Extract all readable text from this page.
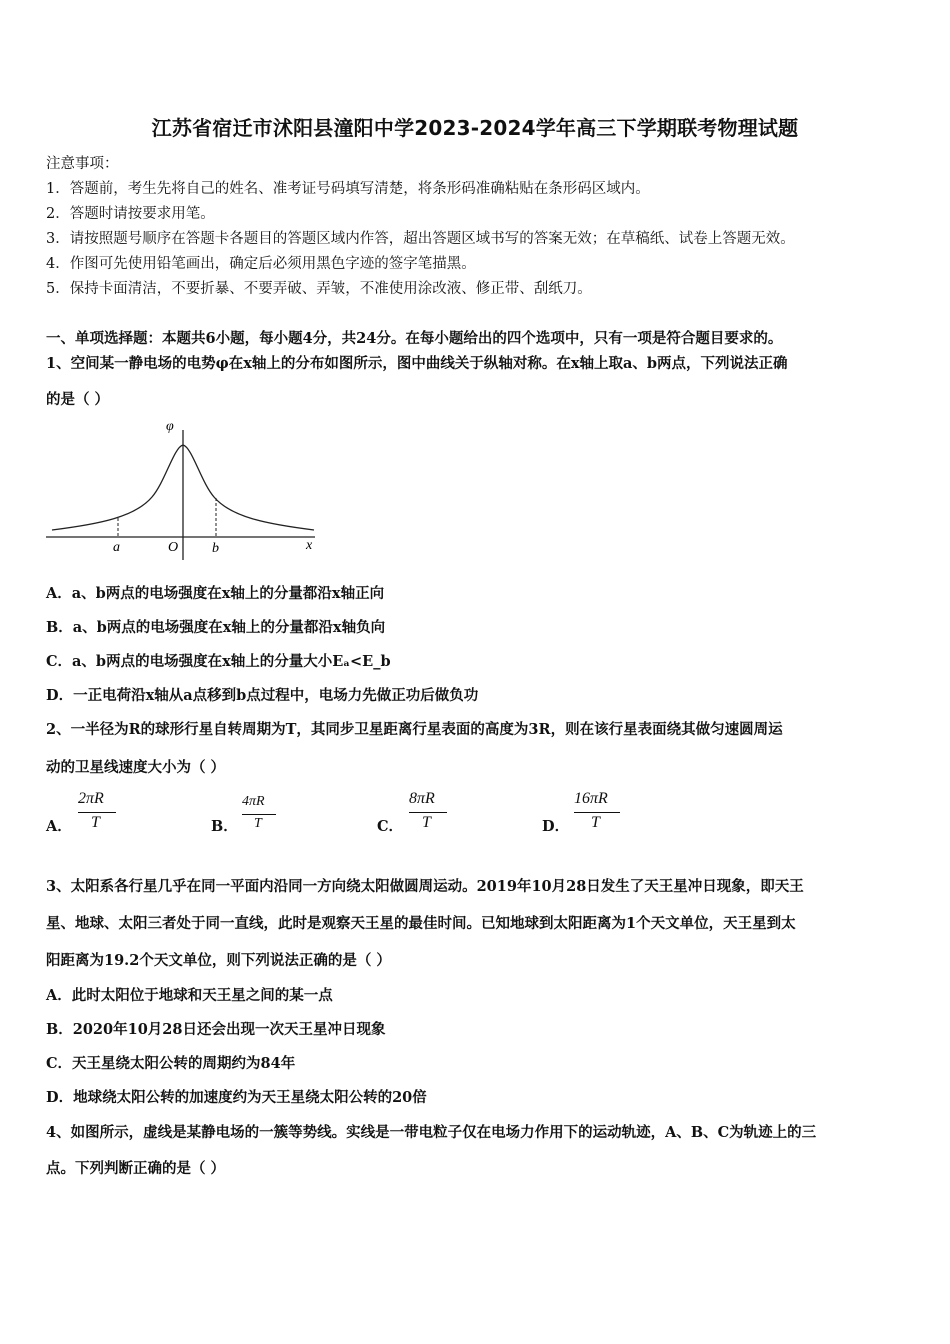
江苏省宿迁市沭阳县潼阳中学2023-2024学年高三下学期联考物理试题
注意事项：
1．答题前，考生先将自己的姓名、准考证号码填写清楚，将条形码准确粘贴在条形码区域内。
2．答题时请按要求用笔。
3．请按照题号顺序在答题卡各题目的答题区域内作答，超出答题区域书写的答案无效；在草稿纸、试卷上答题无效。
4．作图可先使用铅笔画出，确定后必须用黑色字迹的签字笔描黑。
5．保持卡面清洁，不要折暴、不要弄破、弄皱，不准使用涂改液、修正带、刮纸刀。
一、单项选择题：本题共6小题，每小题4分，共24分。在每小题给出的四个选项中，只有一项是符合题目要求的。
1、空间某一静电场的电势φ在x轴上的分布如图所示，图中曲线关于纵轴对称。在x轴上取a、b两点，下列说法正确
的是（ ）
φ
x
O
a	b
A．a、b两点的电场强度在x轴上的分量都沿x轴正向
B．a、b两点的电场强度在x轴上的分量都沿x轴负向
C．a、b两点的电场强度在x轴上的分量大小Eₐ<E_b
D．一正电荷沿x轴从a点移到b点过程中，电场力先做正功后做负功
2、一半径为R的球形行星自转周期为T，其同步卫星距离行星表面的高度为3R，则在该行星表面绕其做匀速圆周运
动的卫星线速度大小为（ ）
A．
2πR
T	B．
4πR
T	C．
8πR
T	D．
16πR
T
3、太阳系各行星几乎在同一平面内沿同一方向绕太阳做圆周运动。2019年10月28日发生了天王星冲日现象，即天王
星、地球、太阳三者处于同一直线，此时是观察天王星的最佳时间。已知地球到太阳距离为1个天文单位，天王星到太
阳距离为19.2个天文单位，则下列说法正确的是（ ）
A．此时太阳位于地球和天王星之间的某一点
B．2020年10月28日还会出现一次天王星冲日现象
C．天王星绕太阳公转的周期约为84年
D．地球绕太阳公转的加速度约为天王星绕太阳公转的20倍
4、如图所示，虚线是某静电场的一簇等势线。实线是一带电粒子仅在电场力作用下的运动轨迹，A、B、C为轨迹上的三
点。下列判断正确的是（ ）
